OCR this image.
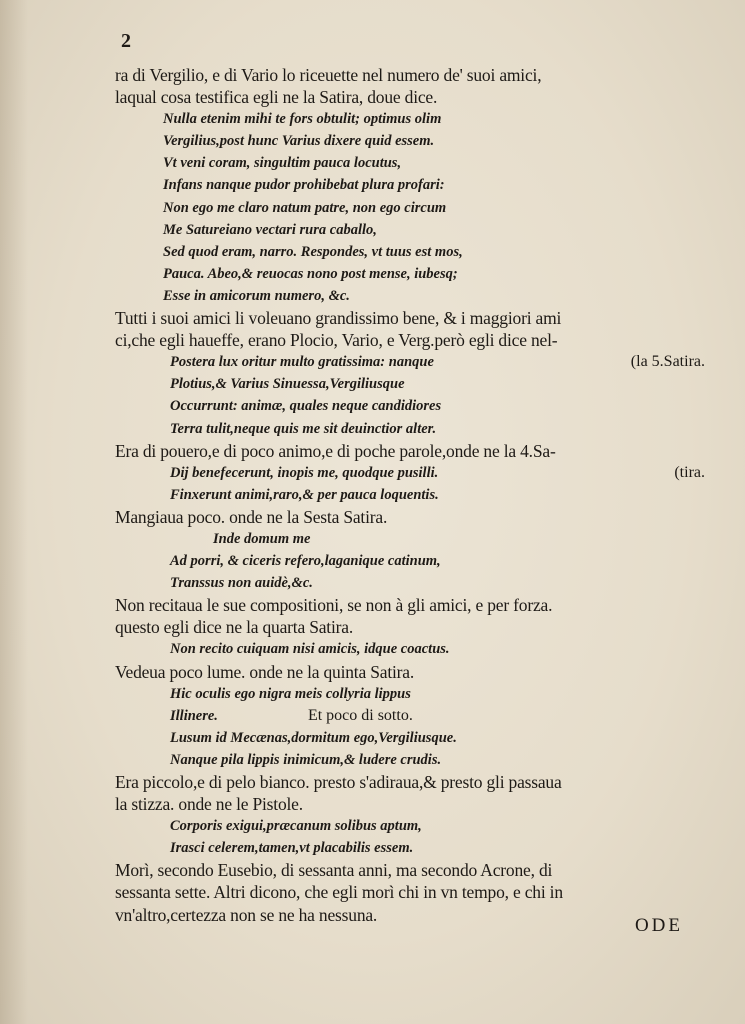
2
ra di Vergilio, e di Vario lo riceuette nel numero de' suoi amici,
laqual cosa testifica egli ne la Satira, doue dice.
Nulla etenim mihi te fors obtulit; optimus olim
Vergilius,post hunc Varius dixere quid essem.
Vt veni coram, singultim pauca locutus,
Infans nanque pudor prohibebat plura profari:
Non ego me claro natum patre, non ego circum
Me Satureiano vectari rura caballo,
Sed quod eram, narro. Respondes, vt tuus est mos,
Pauca. Abeo,& reuocas nono post mense, iubesq;
Esse in amicorum numero, &c.
Tutti i suoi amici li voleuano grandissimo bene, & i maggiori ami
ci,che egli haueffe, erano Plocio, Vario, e Verg.però egli dice nel-
Postera lux oritur multo gratissima: nanque	(la 5.Satira.
Plotius,& Varius Sinuessa,Vergiliusque
Occurrunt: animæ, quales neque candidiores
Terra tulit,neque quis me sit deuinctior alter.
Era di pouero,e di poco animo,e di poche parole,onde ne la 4.Sa-
Dij benefecerunt, inopis me, quodque pusilli.	(tira.
Finxerunt animi,raro,& per pauca loquentis.
Mangiaua poco. onde ne la Sesta Satira.
Inde domum me
Ad porri, & ciceris refero,laganique catinum,
Transsus non auidè,&c.
Non recitaua le sue compositioni, se non à gli amici, e per forza.
questo egli dice ne la quarta Satira.
Non recito cuiquam nisi amicis, idque coactus.
Vedeua poco lume. onde ne la quinta Satira.
Hic oculis ego nigra meis collyria lippus
Illinere.	Et poco di sotto.
Lusum id Mecænas,dormitum ego,Vergiliusque.
Nanque pila lippis inimicum,& ludere crudis.
Era piccolo,e di pelo bianco. presto s'adiraua,& presto gli passaua
la stizza. onde ne le Pistole.
Corporis exigui,præcanum solibus aptum,
Irasci celerem,tamen,vt placabilis essem.
Morì, secondo Eusebio, di sessanta anni, ma secondo Acrone, di
sessanta sette. Altri dicono, che egli morì chi in vn tempo, e chi in
vn'altro,certezza non se ne ha nessuna.
ODE
